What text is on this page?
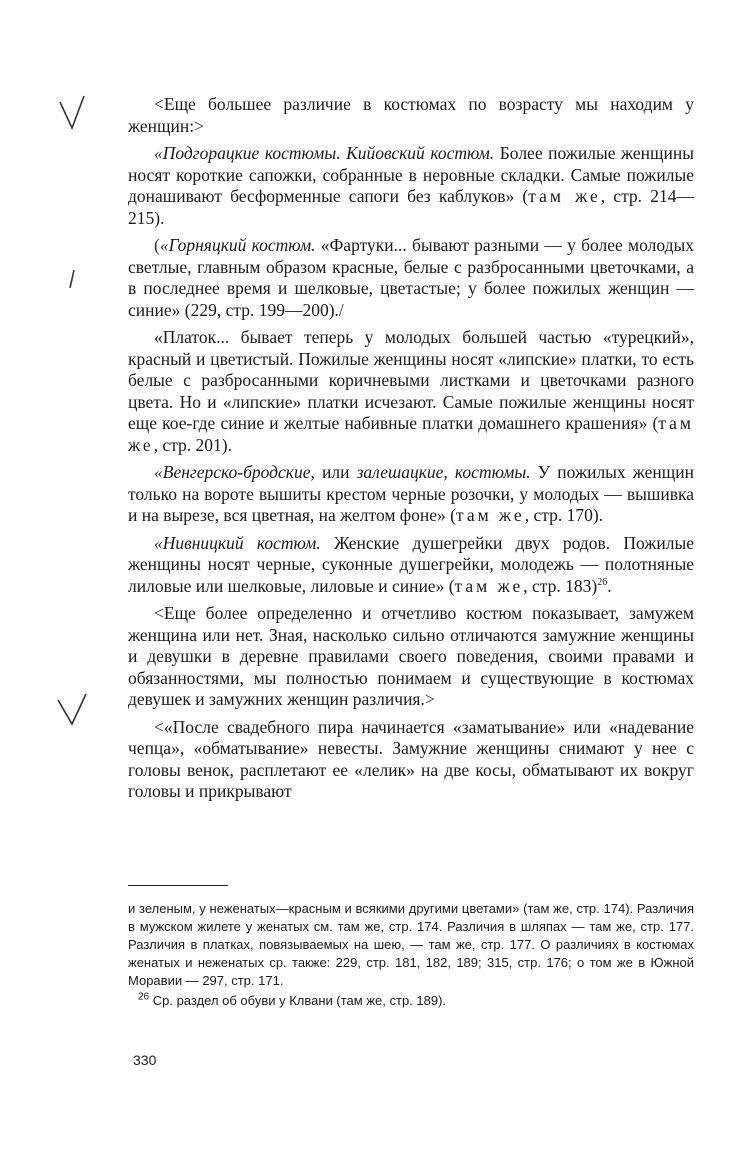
<Еще большее различие в костюмах по возрасту мы находим у женщин:>

«Подгорацкие костюмы. Кийовский костюм. Более пожилые женщины носят короткие сапожки, собранные в неровные складки. Самые пожилые донашивают бесформенные сапоги без каблуков» (там же, стр. 214—215).

(«Горняцкий костюм. «Фартуки... бывают разными — у более молодых светлые, главным образом красные, белые с разбросанными цветочками, а в последнее время и шелковые, цветастые; у более пожилых женщин — синие» (229, стр. 199—200)./

«Платок... бывает теперь у молодых большей частью «турецкий», красный и цветистый. Пожилые женщины носят «липские» платки, то есть белые с разбросанными коричневыми листками и цветочками разного цвета. Но и «липские» платки исчезают. Самые пожилые женщины носят еще кое-где синие и желтые набивные платки домашнего крашения» (там же, стр. 201).

«Венгерско-бродские, или залешацкие, костюмы. У пожилых женщин только на вороте вышиты крестом черные розочки, у молодых — вышивка и на вырезе, вся цветная, на желтом фоне» (там же, стр. 170).

«Нивницкий костюм. Женские душегрейки двух родов. Пожилые женщины носят черные, суконные душегрейки, молодежь — полотняные лиловые или шелковые, лиловые и синие» (там же, стр. 183)$^{26}$.

<Еще более определенно и отчетливо костюм показывает, замужем женщина или нет. Зная, насколько сильно отличаются замужние женщины и девушки в деревне правилами своего поведения, своими правами и обязанностями, мы полностью понимаем и существующие в костюмах девушек и замужних женщин различия.>

<«После свадебного пира начинается «заматывание» или «надевание чепца», «обматывание» невесты. Замужние женщины снимают у нее с головы венок, расплетают ее «лелик» на две косы, обматывают их вокруг головы и прикрывают

и зеленым, у неженатых—красным и всякими другими цветами» (там же, стр. 174). Различия в мужском жилете у женатых см. там же, стр. 174. Различия в шляпах — там же, стр. 177. Различия в платках, повязываемых на шею, — там же, стр. 177. О различиях в костюмах женатых и неженатых ср. также: 229, стр. 181, 182, 189; 315, стр. 176; о том же в Южной Моравии — 297, стр. 171.

$^{26}$ Ср. раздел об обуви у Клвани (там же, стр. 189).

330
